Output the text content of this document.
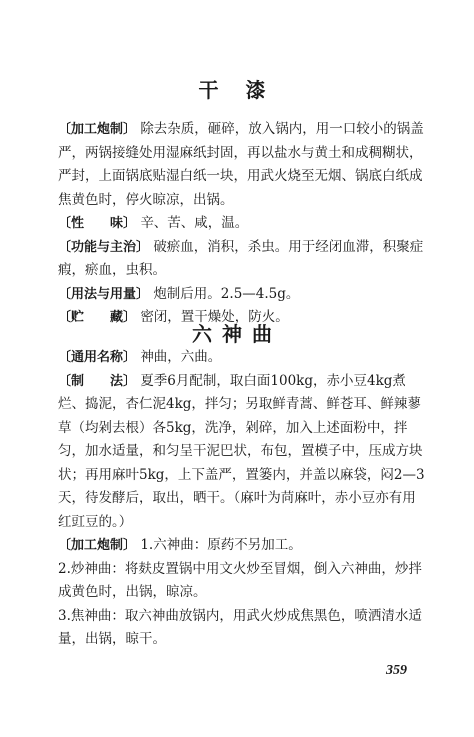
干 漆

〔加工炮制〕 除去杂质，砸碎，放入锅内，用一口较小的锅盖严，两锅接缝处用湿麻纸封固，再以盐水与黄土和成稠糊状，严封，上面锅底贴湿白纸一块，用武火烧至无烟、锅底白纸成焦黄色时，停火晾凉，出锅。

〔性　　味〕 辛、苦、咸，温。

〔功能与主治〕 破瘀血，消积，杀虫。用于经闭血滞，积聚症瘕，瘀血，虫积。

〔用法与用量〕 炮制后用。2.5—4.5g。

〔贮　　藏〕 密闭，置干燥处，防火。

六神曲

〔通用名称〕 神曲，六曲。

〔制　　法〕 夏季6月配制，取白面100kg，赤小豆4kg煮烂、捣泥，杏仁泥4kg，拌匀；另取鲜青蒿、鲜苍耳、鲜辣蓼草（均剁去根）各5kg，洗净，剁碎，加入上述面粉中，拌匀，加水适量，和匀呈干泥巴状，布包，置模子中，压成方块状；再用麻叶5kg，上下盖严，置篓内，并盖以麻袋，闷2—3天，待发酵后，取出，晒干。（麻叶为苘麻叶，赤小豆亦有用红豇豆的。）

〔加工炮制〕 1.六神曲：原药不另加工。

2.炒神曲：将麸皮置锅中用文火炒至冒烟，倒入六神曲，炒拌成黄色时，出锅，晾凉。

3.焦神曲：取六神曲放锅内，用武火炒成焦黑色，喷洒清水适量，出锅，晾干。

359
